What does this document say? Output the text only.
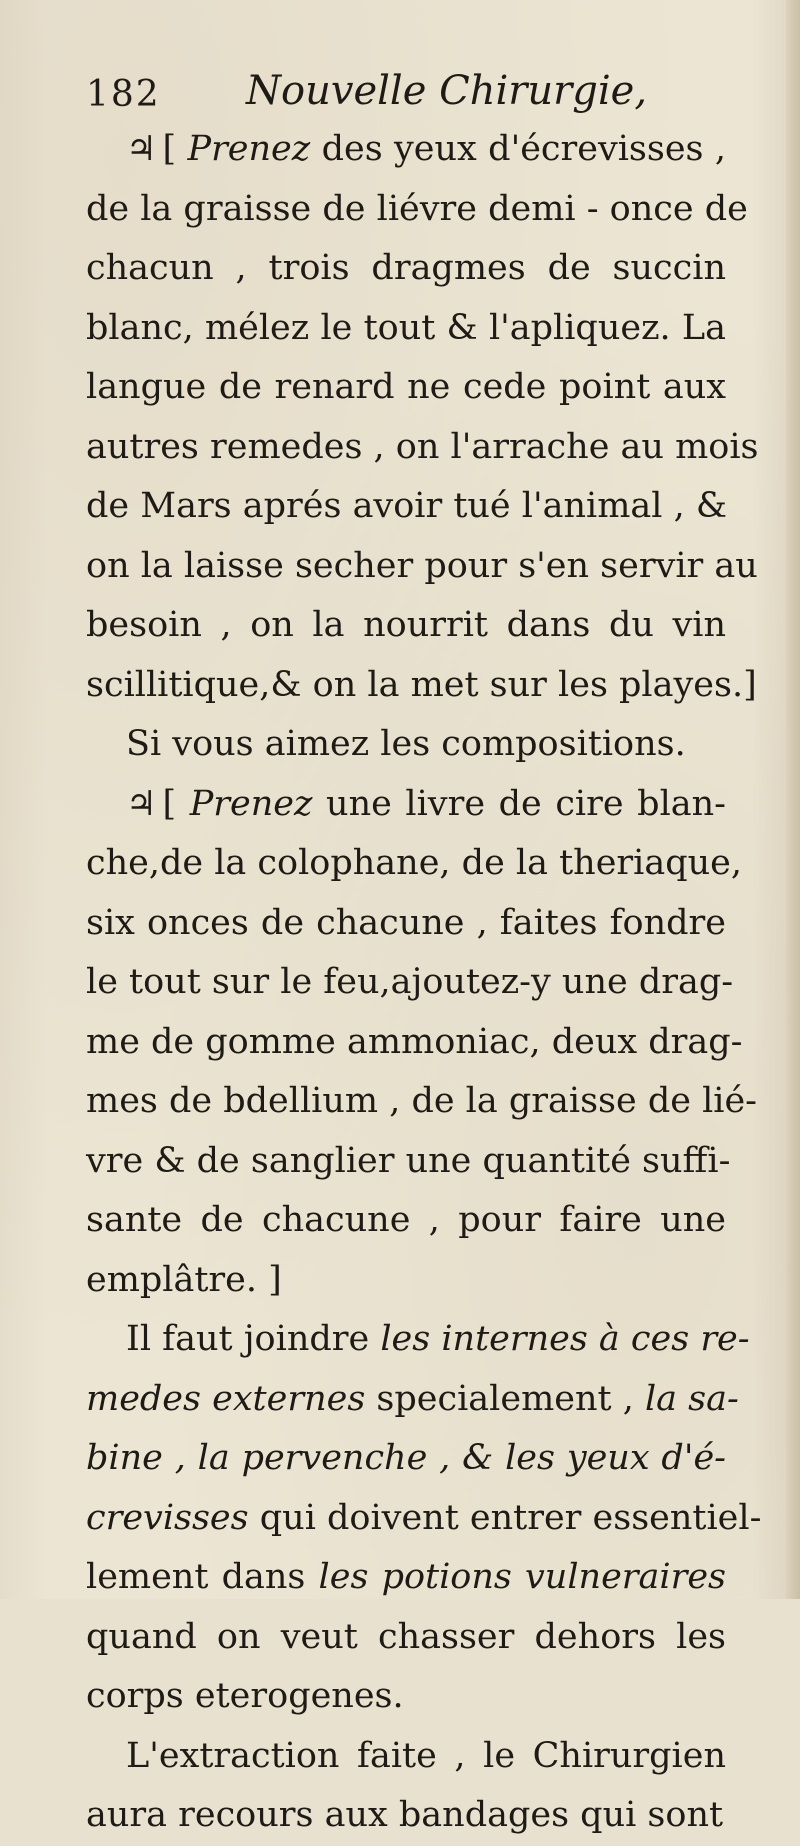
182 Nouvelle Chirurgie,
♃ [ Prenez des yeux d'écrevisses ,
de la graisse de liévre demi - once de
chacun , trois dragmes de succin
blanc, mélez le tout & l'apliquez. La
langue de renard ne cede point aux
autres remedes , on l'arrache au mois
de Mars aprés avoir tué l'animal , &
on la laisse secher pour s'en servir au
besoin , on la nourrit dans du vin
scillitique,& on la met sur les playes.]
Si vous aimez les compositions.
♃ [ Prenez une livre de cire blan-
che,de la colophane, de la theriaque,
six onces de chacune , faites fondre
le tout sur le feu,ajoutez-y une drag-
me de gomme ammoniac, deux drag-
mes de bdellium , de la graisse de lié-
vre & de sanglier une quantité suffi-
sante de chacune , pour faire une
emplâtre. ]
Il faut joindre les internes à ces re-
medes externes specialement , la sa-
bine , la pervenche , & les yeux d'é-
crevisses qui doivent entrer essentiel-
lement dans les potions vulneraires
quand on veut chasser dehors les
corps eterogenes.
L'extraction faite , le Chirurgien
aura recours aux bandages qui sont
